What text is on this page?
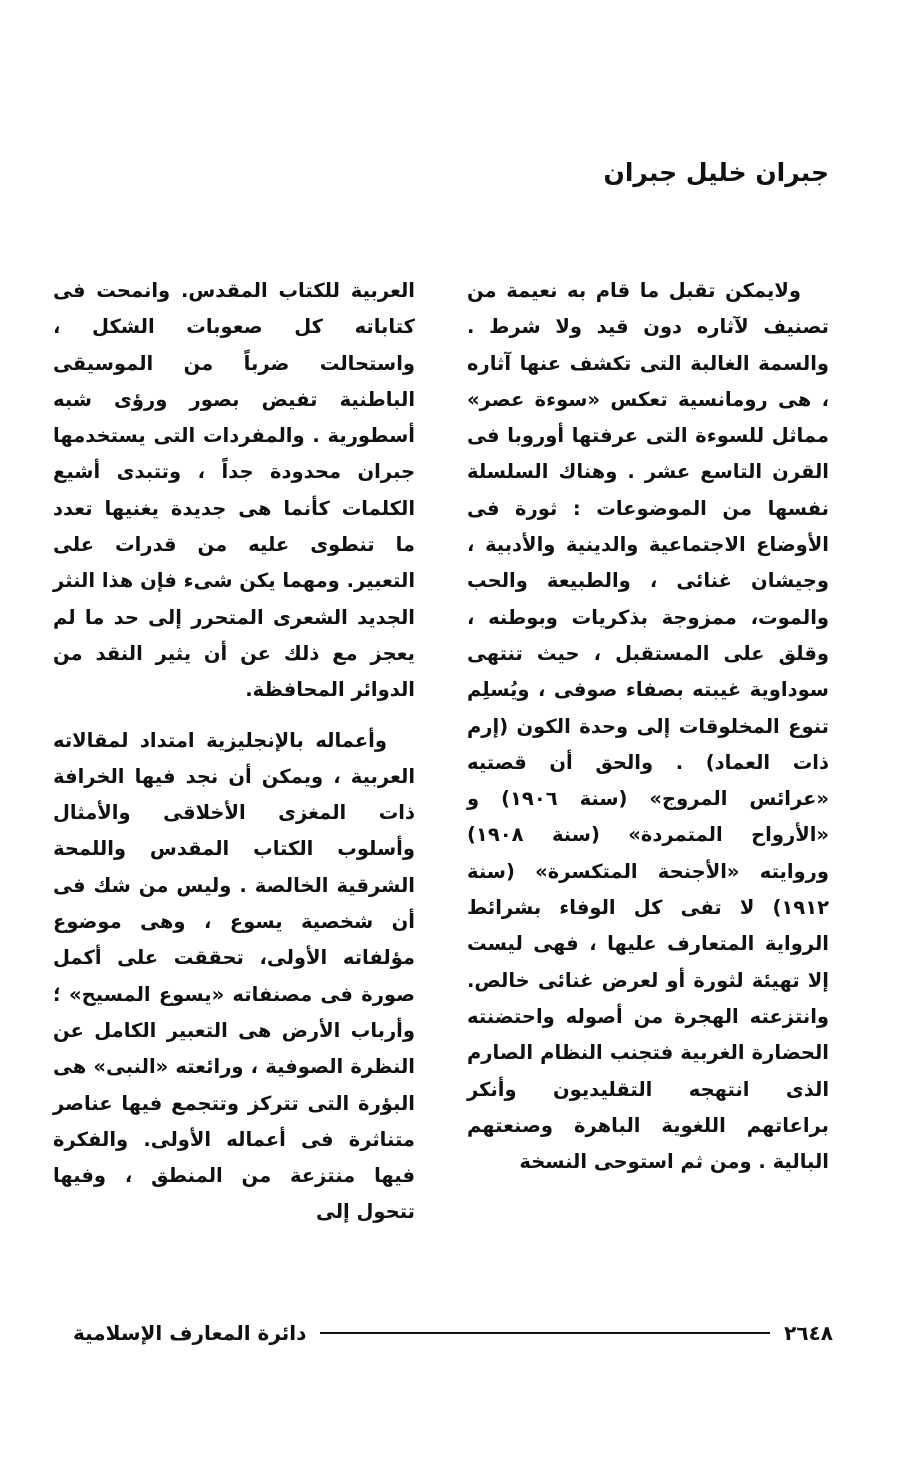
جبران خليل جبران

ولايمكن تقبل ما قام به نعيمة من تصنيف لآثاره دون قيد ولا شرط . والسمة الغالبة التى تكشف عنها آثاره ، هى رومانسية تعكس «سوءة عصر» مماثل للسوءة التى عرفتها أوروبا فى القرن التاسع عشر . وهناك السلسلة نفسها من الموضوعات : ثورة فى الأوضاع الاجتماعية والدينية والأدبية ، وجيشان غنائى ، والطبيعة والحب والموت، ممزوجة بذكريات وبوطنه ، وقلق على المستقبل ، حيث تنتهى سوداوية غيبته بصفاء صوفى ، ويُسلِم تنوع المخلوقات إلى وحدة الكون (إرم ذات العماد) . والحق أن قصتيه «عرائس المروج» (سنة ١٩٠٦) و «الأرواح المتمردة» (سنة ١٩٠٨) وروايته «الأجنحة المتكسرة» (سنة ١٩١٢) لا تفى كل الوفاء بشرائط الرواية المتعارف عليها ، فهى ليست إلا تهيئة لثورة أو لعرض غنائى خالص. وانتزعته الهجرة من أصوله واحتضنته الحضارة الغربية فتجنب النظام الصارم الذى انتهجه التقليديون وأنكر براعاتهم اللغوية الباهرة وصنعتهم البالية . ومن ثم استوحى النسخة

العربية للكتاب المقدس. وانمحت فى كتاباته كل صعوبات الشكل ، واستحالت ضرباً من الموسيقى الباطنية تفيض بصور ورؤى شبه أسطورية . والمفردات التى يستخدمها جبران محدودة جداً ، وتتبدى أشيع الكلمات كأنما هى جديدة يغنيها تعدد ما تنطوى عليه من قدرات على التعبير. ومهما يكن شىء فإن هذا النثر الجديد الشعرى المتحرر إلى حد ما لم يعجز مع ذلك عن أن يثير النقد من الدوائر المحافظة.

وأعماله بالإنجليزية امتداد لمقالاته العربية ، ويمكن أن نجد فيها الخرافة ذات المغزى الأخلاقى والأمثال وأسلوب الكتاب المقدس واللمحة الشرقية الخالصة . وليس من شك فى أن شخصية يسوع ، وهى موضوع مؤلفاته الأولى، تحققت على أكمل صورة فى مصنفاته «يسوع المسيح» ؛ وأرباب الأرض هى التعبير الكامل عن النظرة الصوفية ، ورائعته «النبى» هى البؤرة التى تتركز وتتجمع فيها عناصر متناثرة فى أعماله الأولى. والفكرة فيها منتزعة من المنطق ، وفيها تتحول إلى

٢٦٤٨
دائرة المعارف الإسلامية
